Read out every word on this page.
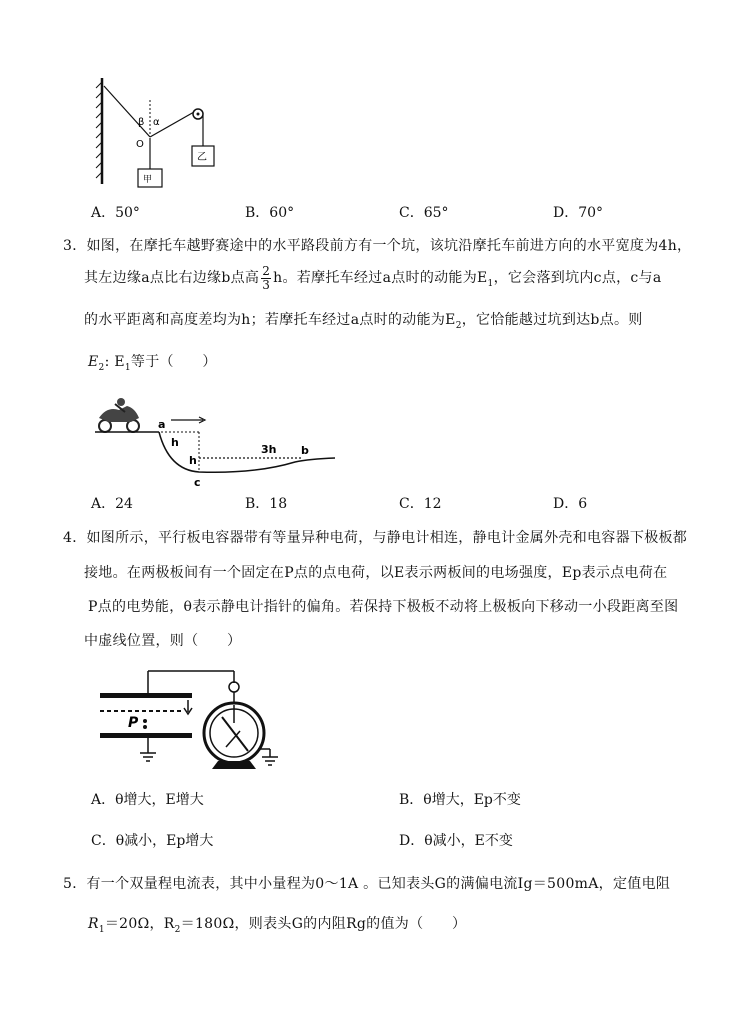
β α
O
甲
乙
A．50°	B．60°	C．65°	D．70°
3．如图，在摩托车越野赛途中的水平路段前方有一个坑，该坑沿摩托车前进方向的水平宽度为4h，
其左边缘a点比右边缘b点高 $\frac{2}{3}$ h。若摩托车经过a点时的动能为$E_1$，它会落到坑内c点，c与a
的水平距离和高度差均为h；若摩托车经过a点时的动能为$E_2$，它恰能越过坑到达b点。则
$E_2$: $E_1$等于（　　）
a
h
h
3h b
c
A．24	B．18	C．12	D．6
4．如图所示，平行板电容器带有等量异种电荷，与静电计相连，静电计金属外壳和电容器下极板都
接地。在两极板间有一个固定在P点的点电荷，以E表示两板间的电场强度，Ep表示点电荷在
P点的电势能，θ表示静电计指针的偏角。若保持下极板不动将上极板向下移动一小段距离至图
中虚线位置，则（　　）
P
A．θ增大，E增大	B．θ增大，Ep不变
C．θ减小，Ep增大	D．θ减小，E不变
5．有一个双量程电流表，其中小量程为0～1A 。已知表头G的满偏电流Ig＝500mA，定值电阻
$R_1=20\Omega$，$R_2=180\Omega$，则表头G的内阻Rg的值为（　　）
